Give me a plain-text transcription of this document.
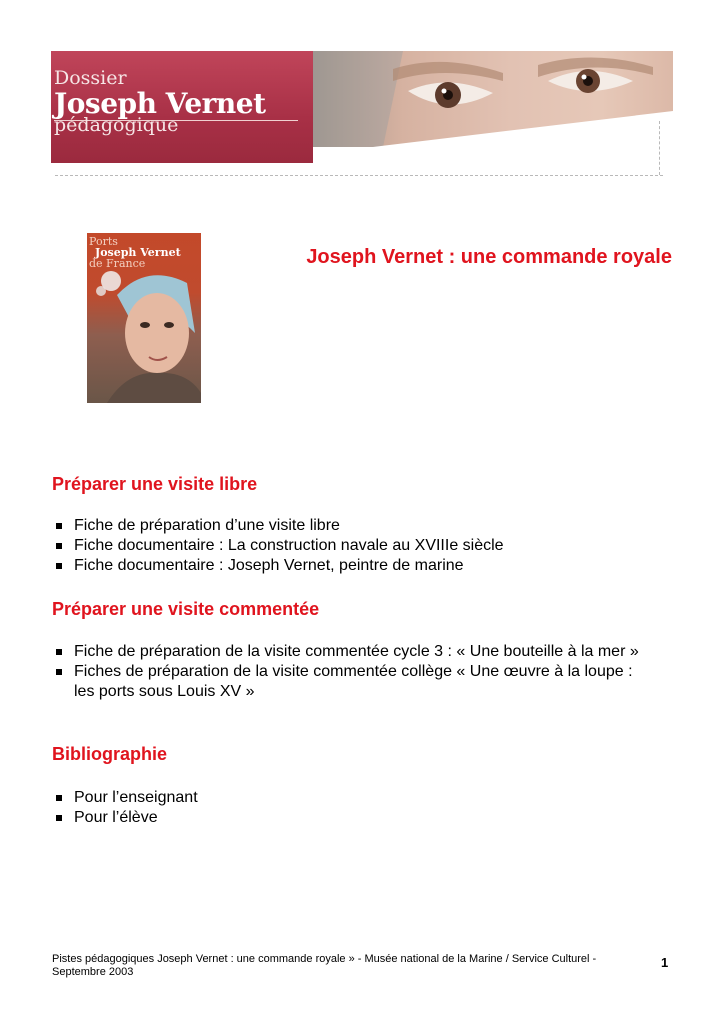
Dossier
Joseph Vernet
pédagogique
Ports
Joseph Vernet
de France	Joseph Vernet : une commande royale
Préparer une visite libre
Fiche de préparation d’une visite libre
Fiche documentaire : La construction navale au XVIIIe siècle
Fiche documentaire : Joseph Vernet, peintre de marine
Préparer une visite commentée
Fiche de préparation de la visite commentée cycle 3 : « Une bouteille à la mer »
Fiches de préparation de la visite commentée collège « Une œuvre à la loupe : les ports sous Louis XV »
Bibliographie
Pour l’enseignant
Pour l’élève
Pistes pédagogiques Joseph Vernet : une commande royale » - Musée national de la Marine / Service Culturel - Septembre 2003
1
